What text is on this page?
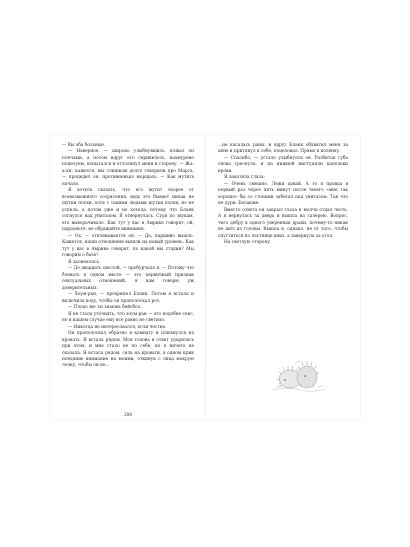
— Вы оба больные.

— Наверное, — широко улыбнувшись, пожал он плечами, а потом вдруг его скривилось, нахмурено поцелуем, попытался и оттолкнул меня в сторону. — Жа-а-ан, кажется, мы слишком долго говорили про Марса, — процедил он, противненько морщась. — Как мутить начало.

Я хотела сказать, что его мутит скорее от всевозможного сотрясения, ведь это бывает никак не шутки плохи, хотя с такими людьми шутки плохи, но не успела, а потом уже и не хотела, потому что Бланк согнулся над унитазом. Я отвернулась. Судя по звукам, его выворачивало. Как тут у вас в Амрике говорят, ой, пардоньте, не обращайте внимания.

— Ох, — отплевывается он. — Да, паршиво вышло. Кажется, наши отношения вышли на новый уровень. Как тут у вас в Амрике говорят, по какой мы стадии? Мы говорим о базе?

Я засмеялась.

— До двадцать шестой, — пробурчала я. — Потому что блевать в одном месте — это первичный признак сексуальных отношений, я вам говорю уж доверительных.

— Хоум-ран, — прохрипел Бланк. Потом я встала и включила воду, чтобы он прополоскал рот.

— Плохо же ты знаешь бейсбол.

Я не стала уточнять, что хоум-ран — это подобие секс, но в нашем случае ему все равно не светило.

— Никогда не интересовался, если честно.

Он прополоскал обратно в комнату и плюхнулся на кровать. Я встала рядом. Моя голова в ответ ударилась при этом, и мне стало не по себе, но я ничего не сказала. Я встала рядом, села на кровати, в одном крик поедание внимание на моими, откинув с лица мокрую челку, чтобы он не...

206

...не касалась раны, и вдруг Бланк обхватил меня за шею и притянул к себе, поцеловал. Прямо в коленку.

— Спасибо, — устало улыбнулся он. Разбитая губа снова треснула, и на нижней выступили капельки крови.

Я закатила глаза:

— Очень смешно. Лежи давай. А то я правда в первый раз через пять минут после твоего «мне так хорошо» бы со стонами забегал над унитазом. Так что не дури. Белакже.

Вместо ответа он закрыл глаза и молча отдал честь. А я вернулась за дверь и вышла на галерею. Вопрос, чего добру в одного уверенная драки, почему-то никак не шёл из головы. Вышла я, однако, не от того, чтобы спуститься по лестнице вниз, а завернула за угол.

На светлую сторону.
